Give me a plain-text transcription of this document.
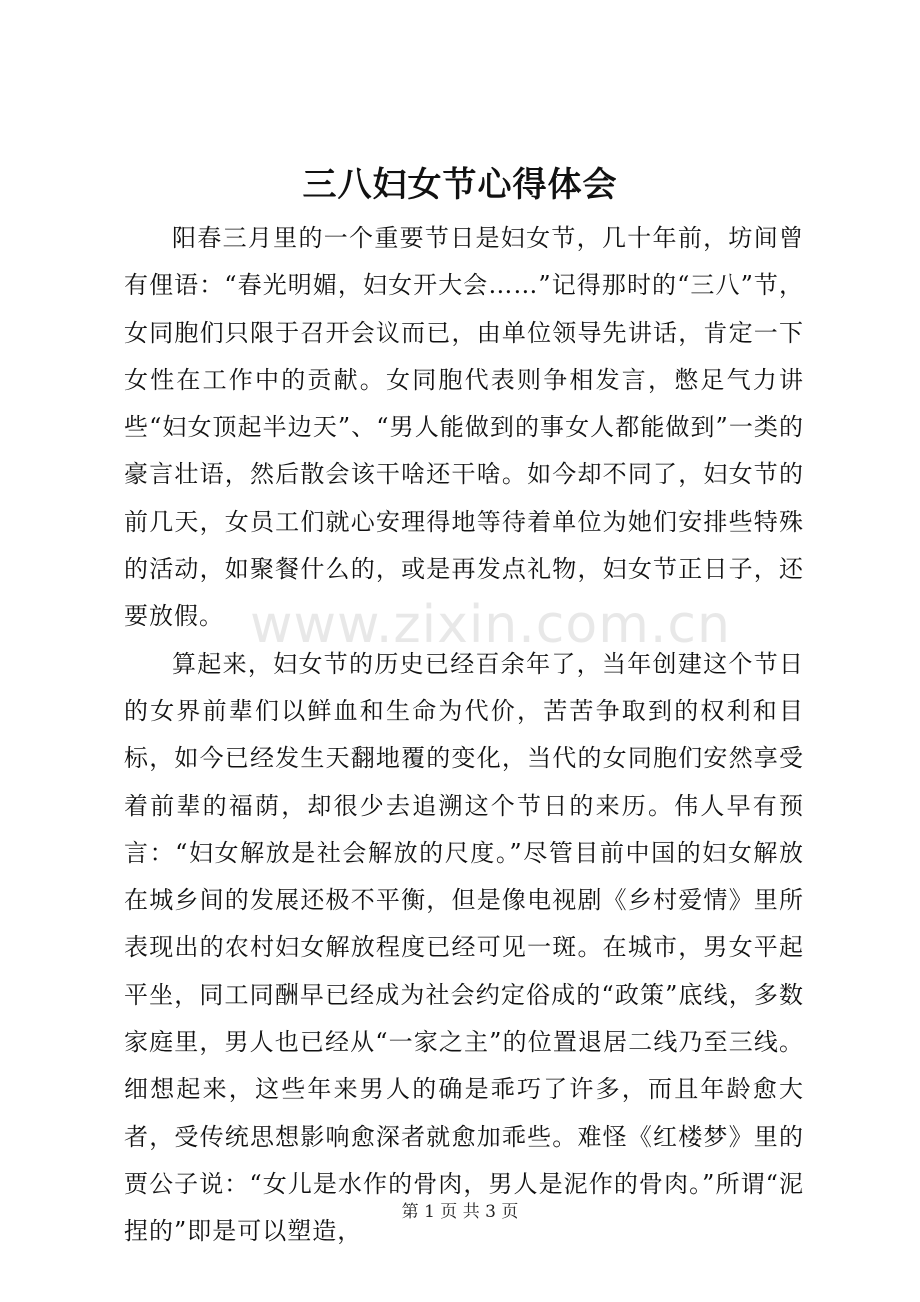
三八妇女节心得体会

阳春三月里的一个重要节日是妇女节，几十年前，坊间曾有俚语：“春光明媚，妇女开大会……”记得那时的“三八”节，女同胞们只限于召开会议而已，由单位领导先讲话，肯定一下女性在工作中的贡献。女同胞代表则争相发言，憋足气力讲些“妇女顶起半边天”、“男人能做到的事女人都能做到”一类的豪言壮语，然后散会该干啥还干啥。如今却不同了，妇女节的前几天，女员工们就心安理得地等待着单位为她们安排些特殊的活动，如聚餐什么的，或是再发点礼物，妇女节正日子，还要放假。

算起来，妇女节的历史已经百余年了，当年创建这个节日的女界前辈们以鲜血和生命为代价，苦苦争取到的权利和目标，如今已经发生天翻地覆的变化，当代的女同胞们安然享受着前辈的福荫，却很少去追溯这个节日的来历。伟人早有预言：“妇女解放是社会解放的尺度。”尽管目前中国的妇女解放在城乡间的发展还极不平衡，但是像电视剧《乡村爱情》里所表现出的农村妇女解放程度已经可见一斑。在城市，男女平起平坐，同工同酬早已经成为社会约定俗成的“政策”底线，多数家庭里，男人也已经从“一家之主”的位置退居二线乃至三线。细想起来，这些年来男人的确是乖巧了许多，而且年龄愈大者，受传统思想影响愈深者就愈加乖些。难怪《红楼梦》里的贾公子说：“女儿是水作的骨肉，男人是泥作的骨肉。”所谓“泥捏的”即是可以塑造，

www.zixin.com.cn
第 1 页 共 3 页
